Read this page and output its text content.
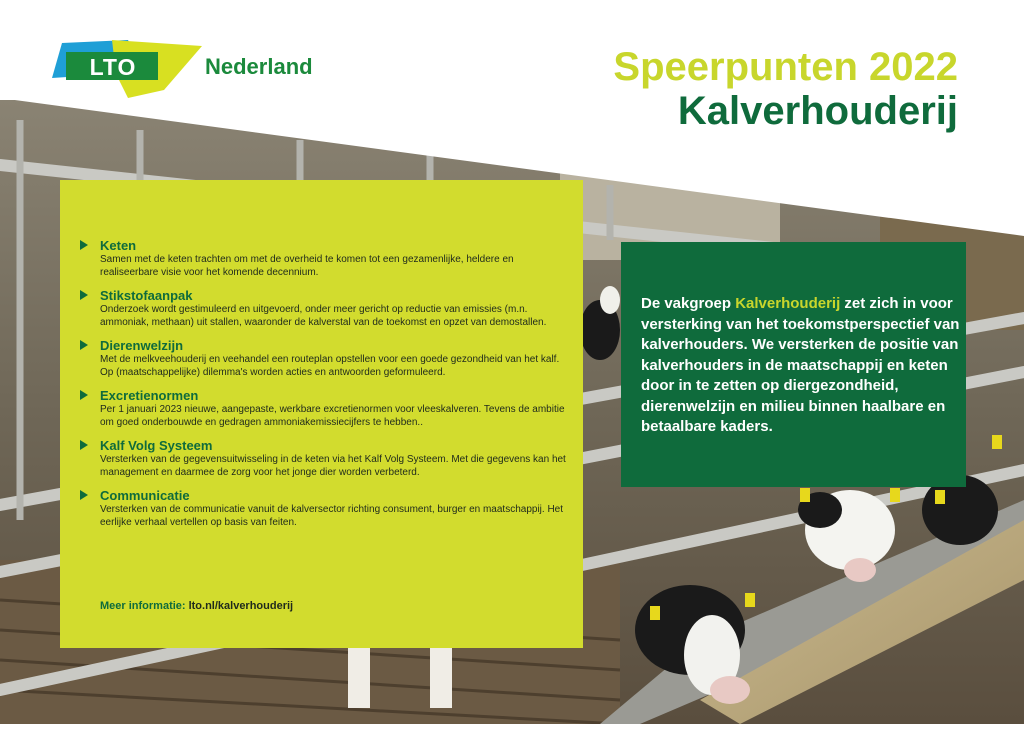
LTO	Nederland	Speerpunten 2022
Kalverhouderij
Keten
Samen met de keten trachten om met de overheid te komen tot een gezamenlijke, heldere en realiseerbare visie voor het komende decennium.
Stikstofaanpak
Onderzoek wordt gestimuleerd en uitgevoerd, onder meer gericht op reductie van emissies (m.n. ammoniak, methaan) uit stallen, waaronder de kalverstal van de toekomst en opzet van demostallen.
Dierenwelzijn
Met de melkveehouderij en veehandel een routeplan opstellen voor een goede gezondheid van het kalf. Op (maatschappelijke) dilemma's worden acties en antwoorden geformuleerd.
Excretienormen
Per 1 januari 2023 nieuwe, aangepaste, werkbare excretienormen voor vleeskalveren. Tevens de ambitie om goed onderbouwde en gedragen ammoniakemissiecijfers te hebben..
Kalf Volg Systeem
Versterken van de gegevensuitwisseling in de keten via het Kalf Volg Systeem. Met die gegevens kan het management en daarmee de zorg voor het jonge dier worden verbeterd.
Communicatie
Versterken van de communicatie vanuit de kalversector richting consument, burger en maatschappij. Het eerlijke verhaal vertellen op basis van feiten.
Meer informatie: lto.nl/kalverhouderij
De vakgroep Kalverhouderij zet zich in voor versterking van het toekomstperspectief van kalverhouders. We versterken de positie van kalverhouders in de maatschappij en keten door in te zetten op diergezondheid, dierenwelzijn en milieu binnen haalbare en betaalbare kaders.
